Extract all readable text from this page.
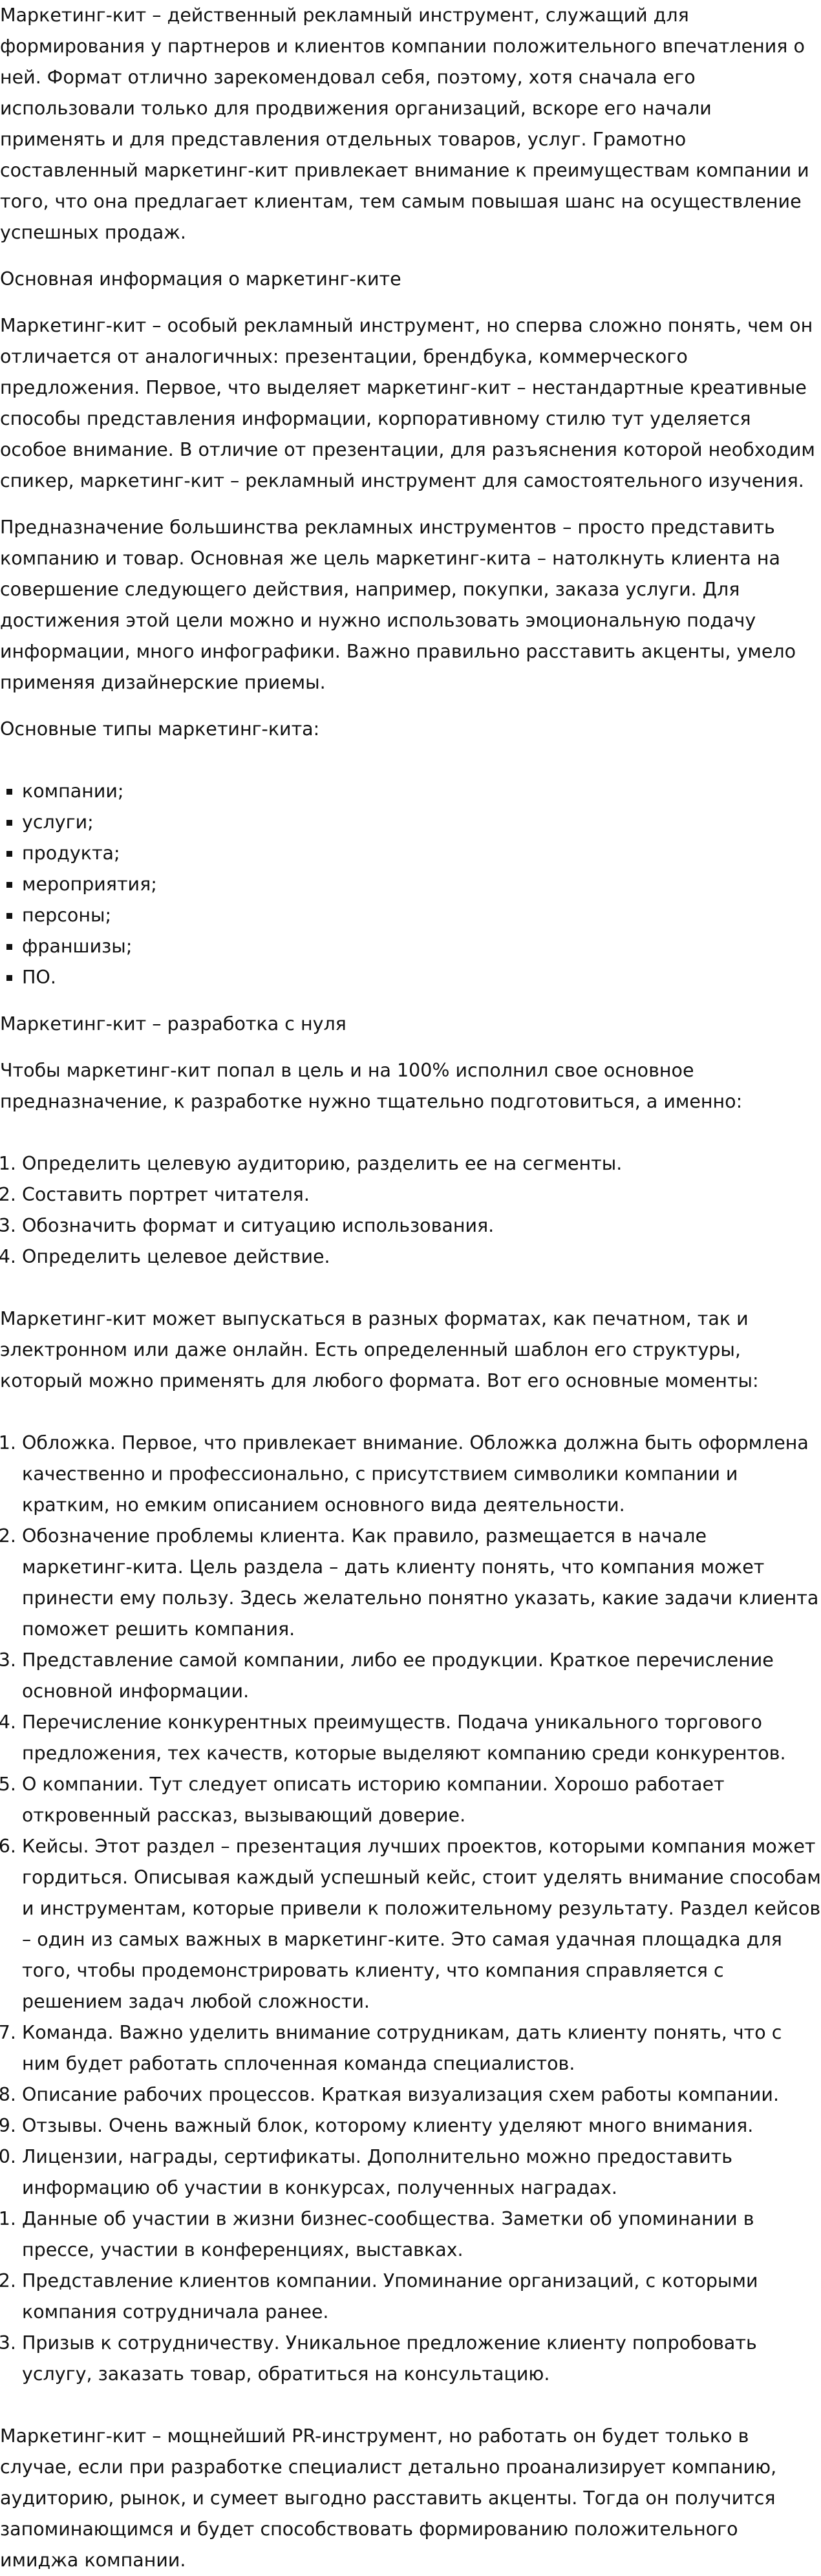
Маркетинг-кит – действенный рекламный инструмент, служащий для формирования у партнеров и клиентов компании положительного впечатления о ней. Формат отлично зарекомендовал себя, поэтому, хотя сначала его использовали только для продвижения организаций, вскоре его начали применять и для представления отдельных товаров, услуг. Грамотно составленный маркетинг-кит привлекает внимание к преимуществам компании и того, что она предлагает клиентам, тем самым повышая шанс на осуществление успешных продаж.

Основная информация о маркетинг-ките

Маркетинг-кит – особый рекламный инструмент, но сперва сложно понять, чем он отличается от аналогичных: презентации, брендбука, коммерческого предложения. Первое, что выделяет маркетинг-кит – нестандартные креативные способы представления информации, корпоративному стилю тут уделяется особое внимание. В отличие от презентации, для разъяснения которой необходим спикер, маркетинг-кит – рекламный инструмент для самостоятельного изучения.

Предназначение большинства рекламных инструментов – просто представить компанию и товар. Основная же цель маркетинг-кита – натолкнуть клиента на совершение следующего действия, например, покупки, заказа услуги. Для достижения этой цели можно и нужно использовать эмоциональную подачу информации, много инфографики. Важно правильно расставить акценты, умело применяя дизайнерские приемы.

Основные типы маркетинг-кита:

▪ компании;
▪ услуги;
▪ продукта;
▪ мероприятия;
▪ персоны;
▪ франшизы;
▪ ПО.

Маркетинг-кит – разработка с нуля

Чтобы маркетинг-кит попал в цель и на 100% исполнил свое основное предназначение, к разработке нужно тщательно подготовиться, а именно:

1. Определить целевую аудиторию, разделить ее на сегменты.
2. Составить портрет читателя.
3. Обозначить формат и ситуацию использования.
4. Определить целевое действие.

Маркетинг-кит может выпускаться в разных форматах, как печатном, так и электронном или даже онлайн. Есть определенный шаблон его структуры, который можно применять для любого формата. Вот его основные моменты:

1. Обложка. Первое, что привлекает внимание. Обложка должна быть оформлена качественно и профессионально, с присутствием символики компании и кратким, но емким описанием основного вида деятельности.
2. Обозначение проблемы клиента. Как правило, размещается в начале маркетинг-кита. Цель раздела – дать клиенту понять, что компания может принести ему пользу. Здесь желательно понятно указать, какие задачи клиента поможет решить компания.
3. Представление самой компании, либо ее продукции. Краткое перечисление основной информации.
4. Перечисление конкурентных преимуществ. Подача уникального торгового предложения, тех качеств, которые выделяют компанию среди конкурентов.
5. О компании. Тут следует описать историю компании. Хорошо работает откровенный рассказ, вызывающий доверие.
6. Кейсы. Этот раздел – презентация лучших проектов, которыми компания может гордиться. Описывая каждый успешный кейс, стоит уделять внимание способам и инструментам, которые привели к положительному результату. Раздел кейсов – один из самых важных в маркетинг-ките. Это самая удачная площадка для того, чтобы продемонстрировать клиенту, что компания справляется с решением задач любой сложности.
7. Команда. Важно уделить внимание сотрудникам, дать клиенту понять, что с ним будет работать сплоченная команда специалистов.
8. Описание рабочих процессов. Краткая визуализация схем работы компании.
9. Отзывы. Очень важный блок, которому клиенту уделяют много внимания.
10. Лицензии, награды, сертификаты. Дополнительно можно предоставить информацию об участии в конкурсах, полученных наградах.
11. Данные об участии в жизни бизнес-сообщества. Заметки об упоминании в прессе, участии в конференциях, выставках.
12. Представление клиентов компании. Упоминание организаций, с которыми компания сотрудничала ранее.
13. Призыв к сотрудничеству. Уникальное предложение клиенту попробовать услугу, заказать товар, обратиться на консультацию.

Маркетинг-кит – мощнейший PR-инструмент, но работать он будет только в случае, если при разработке специалист детально проанализирует компанию, аудиторию, рынок, и сумеет выгодно расставить акценты. Тогда он получится запоминающимся и будет способствовать формированию положительного имиджа компании.
